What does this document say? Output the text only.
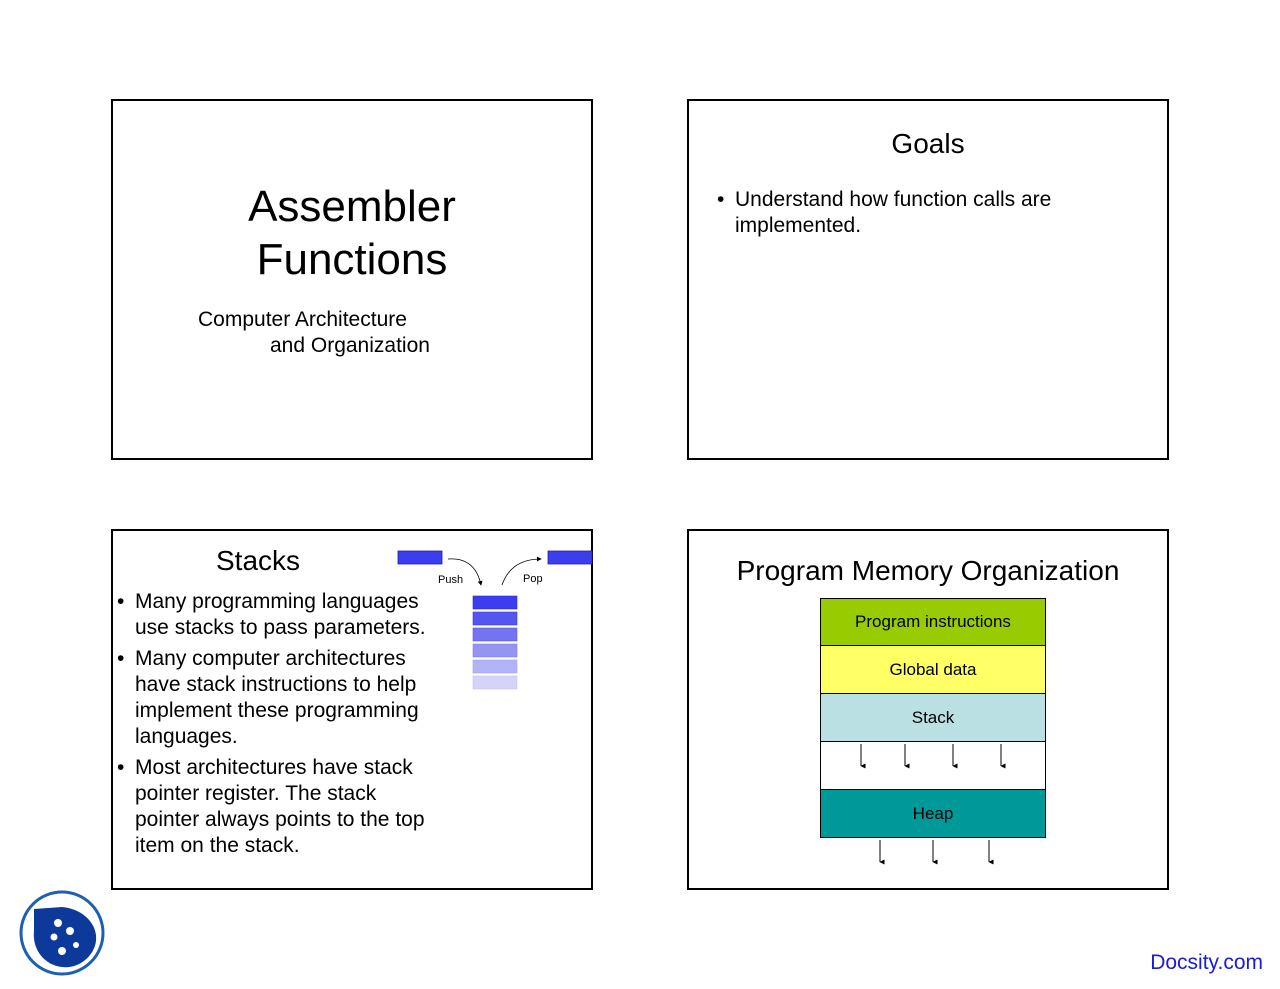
Assembler
Functions
Computer Architecture
and Organization
Goals
• Understand how function calls are implemented.
Stacks
• Many programming languages use stacks to pass parameters.
• Many computer architectures have stack instructions to help implement these programming languages.
• Most architectures have stack pointer register. The stack pointer always points to the top item on the stack.
Push	Pop	Program Memory Organization
Program instructions
Global data
Stack
Heap
Docsity.com
